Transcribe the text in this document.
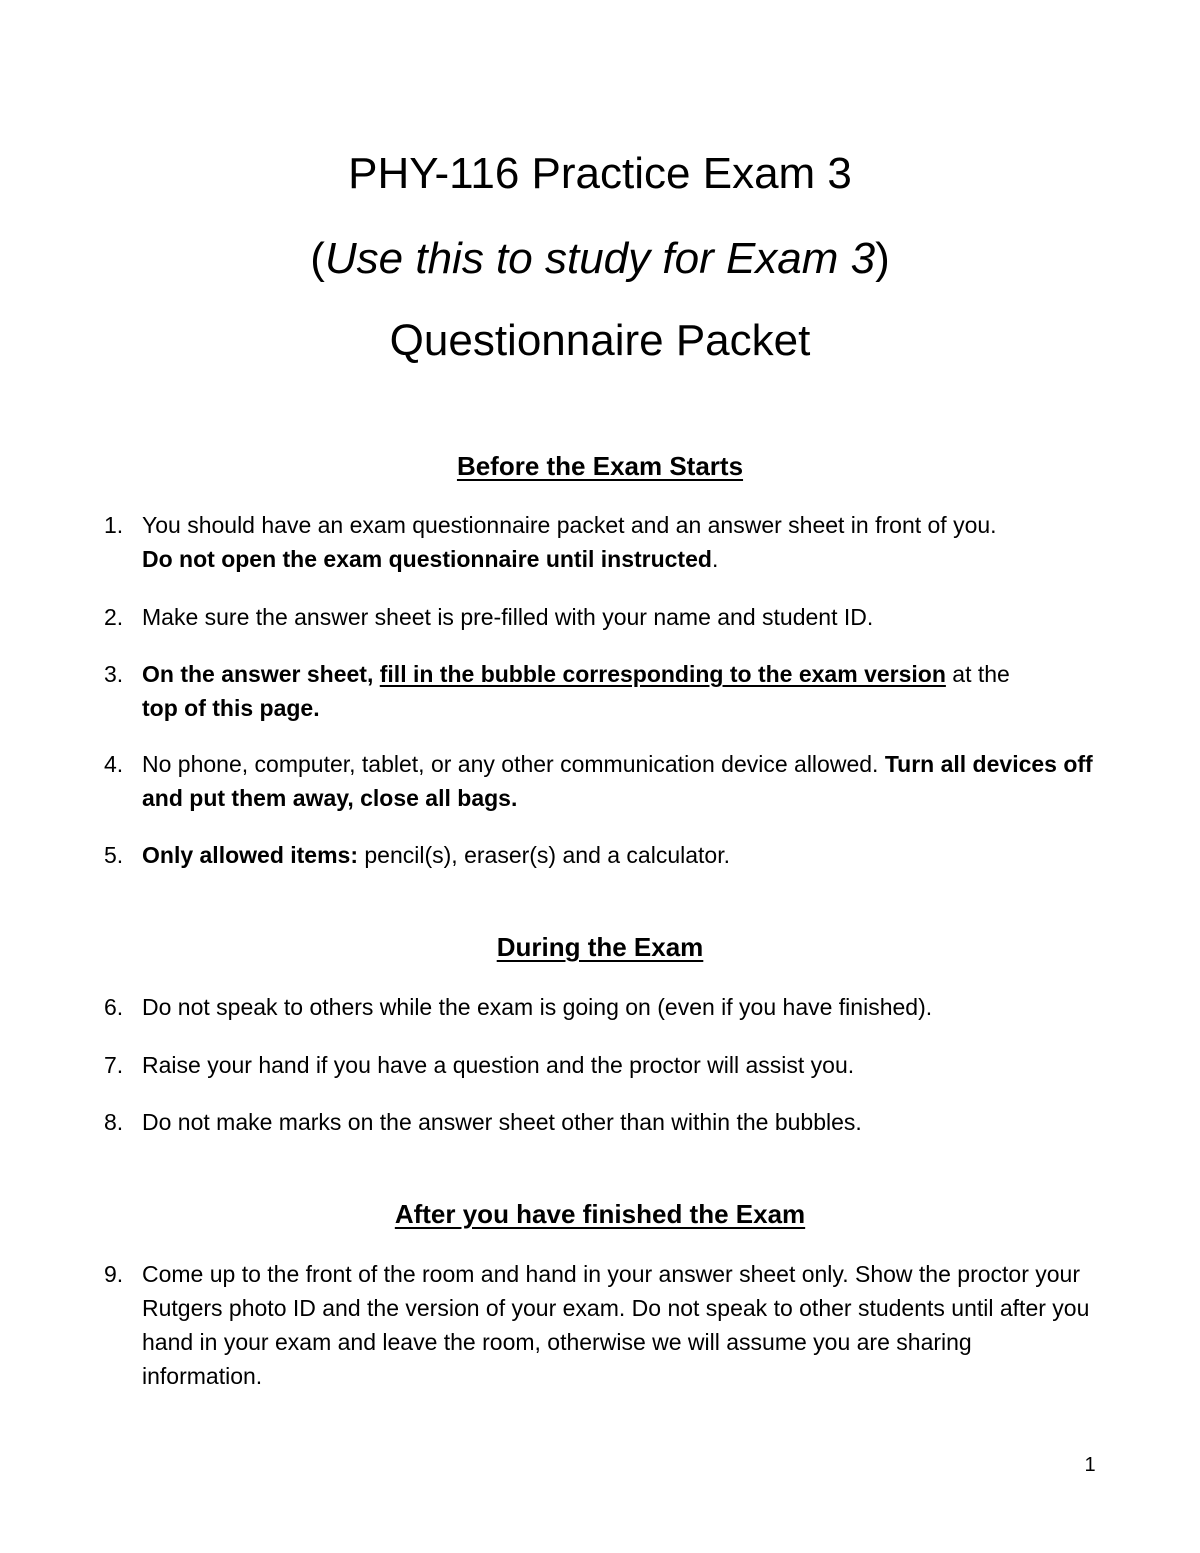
PHY-116 Practice Exam 3
(Use this to study for Exam 3)
Questionnaire Packet
Before the Exam Starts
1. You should have an exam questionnaire packet and an answer sheet in front of you.
Do not open the exam questionnaire until instructed.
2. Make sure the answer sheet is pre-filled with your name and student ID.
3. On the answer sheet, fill in the bubble corresponding to the exam version at the
top of this page.
4. No phone, computer, tablet, or any other communication device allowed. Turn all devices off and put them away, close all bags.
5. Only allowed items: pencil(s), eraser(s) and a calculator.
During the Exam
6. Do not speak to others while the exam is going on (even if you have finished).
7. Raise your hand if you have a question and the proctor will assist you.
8. Do not make marks on the answer sheet other than within the bubbles.
After you have finished the Exam
9. Come up to the front of the room and hand in your answer sheet only. Show the proctor your Rutgers photo ID and the version of your exam. Do not speak to other students until after you hand in your exam and leave the room, otherwise we will assume you are sharing information.
1
